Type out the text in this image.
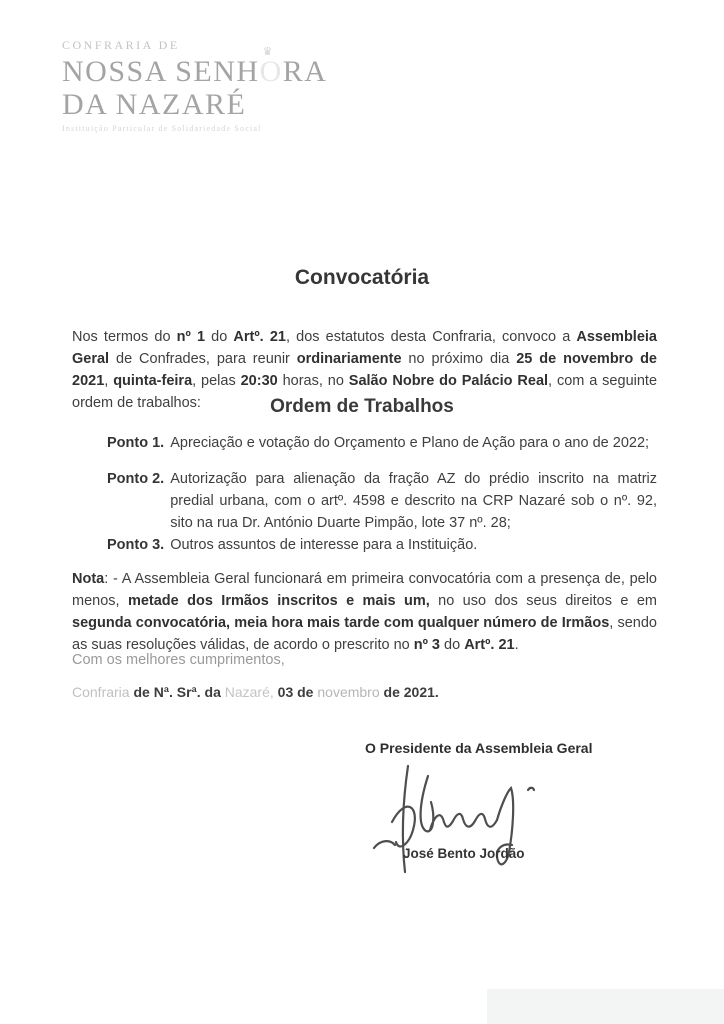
CONFRARIA DE
NOSSA SENH
♛
ORA
DA NAZARÉ
Instituição Particular de Solidariedade Social
Convocatória
Nos termos do nº 1 do Artº. 21, dos estatutos desta Confraria, convoco a Assembleia Geral de Confrades, para reunir ordinariamente no próximo dia 25 de novembro de 2021, quinta-feira, pelas 20:30 horas, no Salão Nobre do Palácio Real, com a seguinte ordem de trabalhos:	Ordem de Trabalhos
Ponto 1. Apreciação e votação do Orçamento e Plano de Ação para o ano de 2022;
Ponto 2. Autorização para alienação da fração AZ do prédio inscrito na matriz predial urbana, com o artº. 4598 e descrito na CRP Nazaré sob o nº. 92, sito na rua Dr. António Duarte Pimpão, lote 37 nº. 28;
Ponto 3. Outros assuntos de interesse para a Instituição.
Nota: - A Assembleia Geral funcionará em primeira convocatória com a presença de, pelo menos, metade dos Irmãos inscritos e mais um, no uso dos seus direitos e em segunda convocatória, meia hora mais tarde com qualquer número de Irmãos, sendo as suas resoluções válidas, de acordo o prescrito no nº 3 do Artº. 21.
Com os melhores cumprimentos,
Confraria de Nª. Srª. da Nazaré, 03 de novembro de 2021.
O Presidente da Assembleia Geral
José Bento Jordão
